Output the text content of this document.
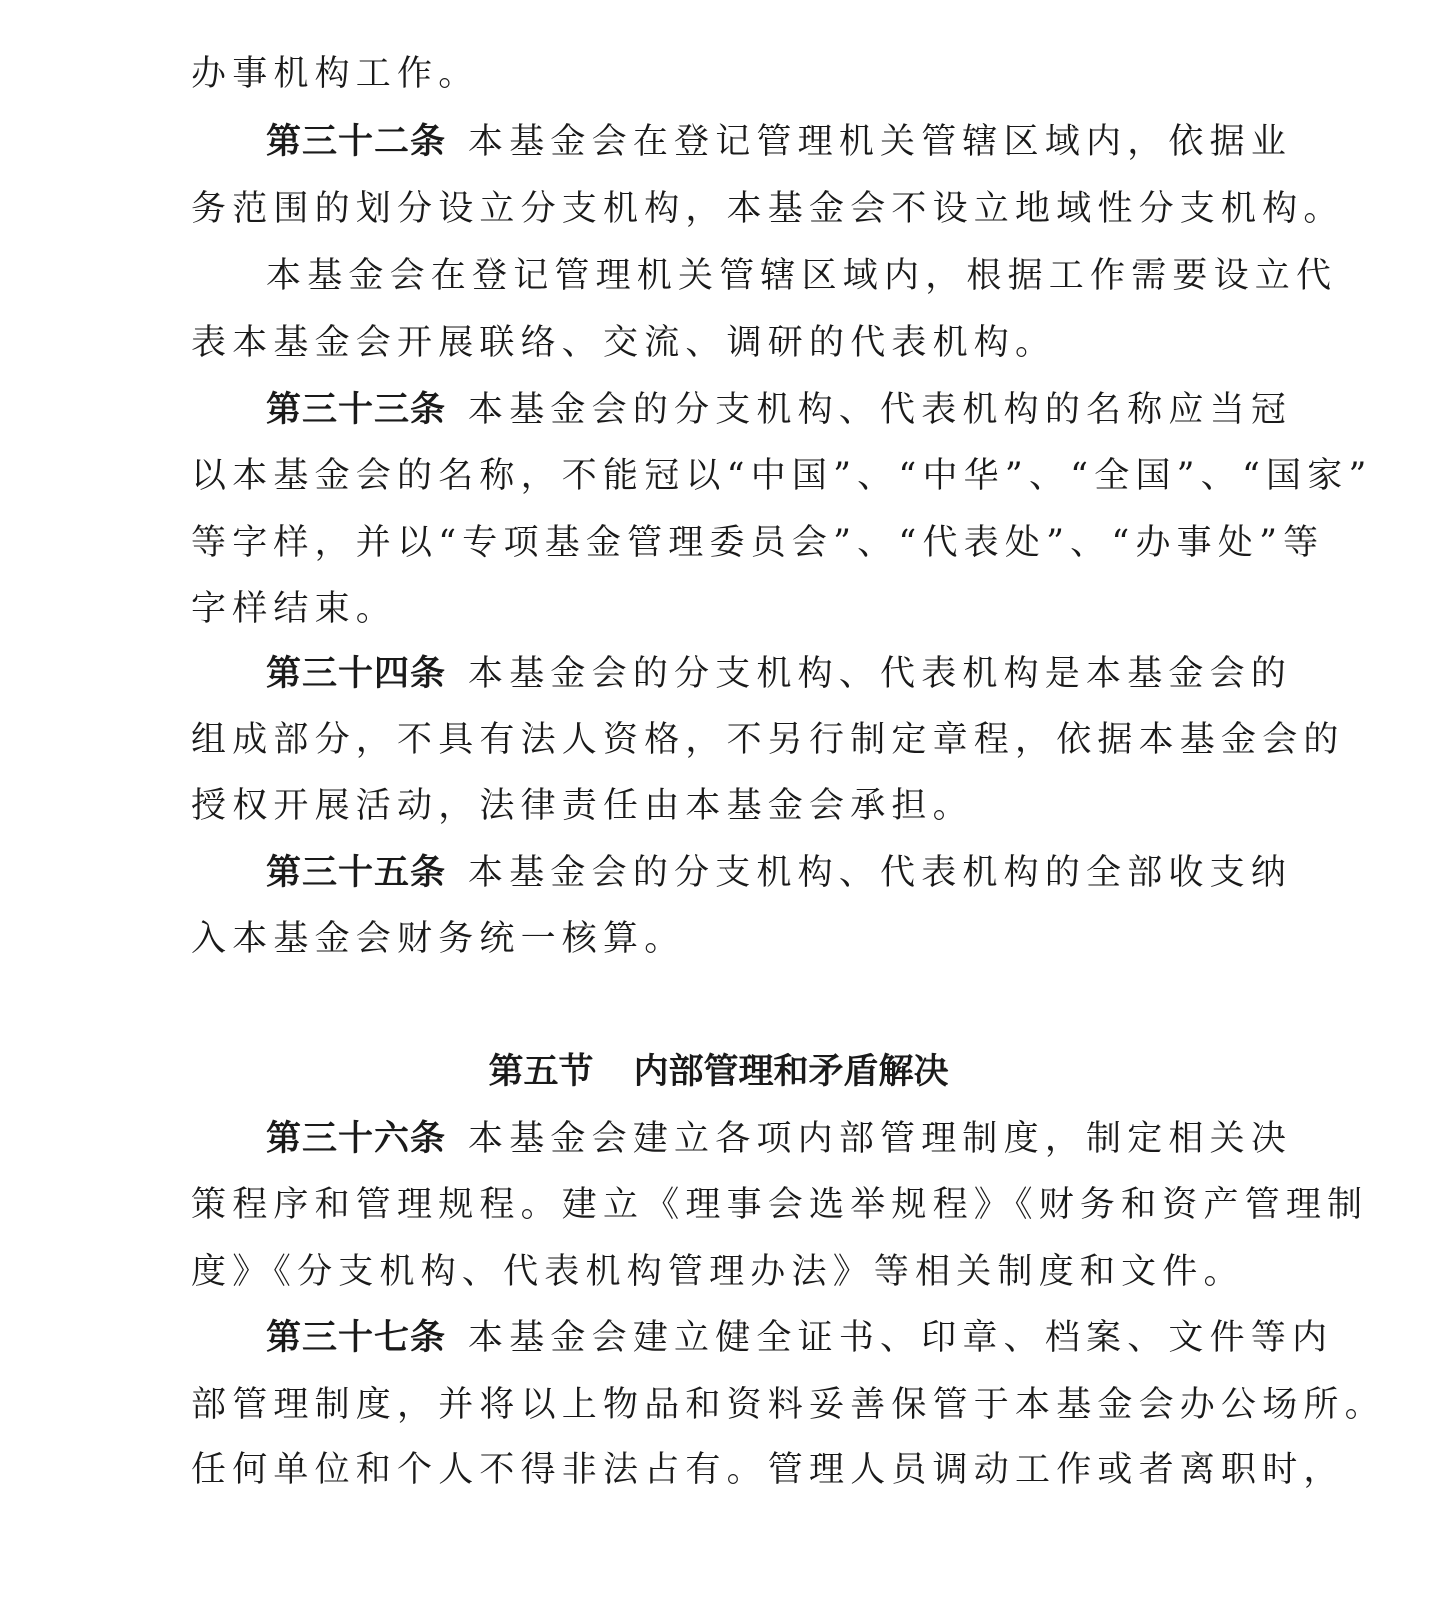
办事机构工作。
第三十二条 本基金会在登记管理机关管辖区域内，依据业
务范围的划分设立分支机构，本基金会不设立地域性分支机构。
本基金会在登记管理机关管辖区域内，根据工作需要设立代
表本基金会开展联络、交流、调研的代表机构。
第三十三条 本基金会的分支机构、代表机构的名称应当冠
以本基金会的名称，不能冠以“中国”、“中华”、“全国”、“国家”
等字样，并以“专项基金管理委员会”、“代表处”、“办事处”等
字样结束。
第三十四条 本基金会的分支机构、代表机构是本基金会的
组成部分，不具有法人资格，不另行制定章程，依据本基金会的
授权开展活动，法律责任由本基金会承担。
第三十五条 本基金会的分支机构、代表机构的全部收支纳
入本基金会财务统一核算。
第五节 内部管理和矛盾解决
第三十六条 本基金会建立各项内部管理制度，制定相关决
策程序和管理规程。建立《理事会选举规程》《财务和资产管理制
度》《分支机构、代表机构管理办法》等相关制度和文件。
第三十七条 本基金会建立健全证书、印章、档案、文件等内
部管理制度，并将以上物品和资料妥善保管于本基金会办公场所。
任何单位和个人不得非法占有。管理人员调动工作或者离职时，
